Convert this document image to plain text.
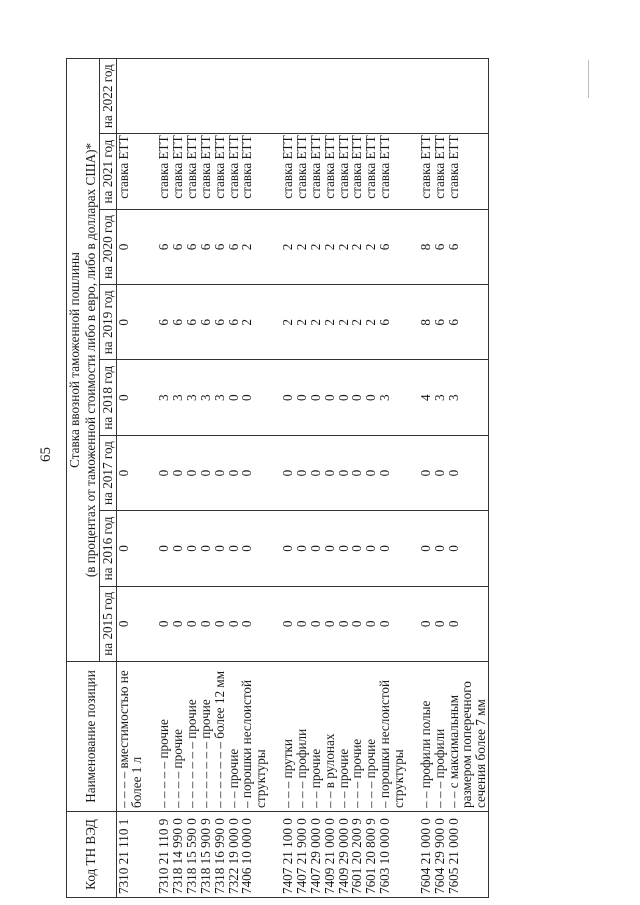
65
Код ТН ВЭД	Наименование позиции	Ставка ввозной таможенной пошлины							
		(в процентах от таможенной стоимости либо в евро, либо в долларах США)*							
		на 2015 год	на 2016 год	на 2017 год	на 2018 год	на 2019 год	на 2020 год	на 2021 год	на 2022 год
7310 21 110 1	– – – – вместимостью не	0	0	0	0	0	0	ставка ЕТТ	
	более 1 л								

7310 21 110 9	– – – – – прочие	0	0	0	3	6	6	ставка ЕТТ	
7318 14 990 0	– – – – прочие	0	0	0	3	6	6	ставка ЕТТ	
7318 15 590 0	– – – – – – – прочие	0	0	0	3	6	6	ставка ЕТТ	
7318 15 900 9	– – – – – – – прочие	0	0	0	3	6	6	ставка ЕТТ	
7318 16 990 0	– – – – – – – более 12 мм	0	0	0	3	6	6	ставка ЕТТ	
7322 19 000 0	– – прочие	0	0	0	0	6	6	ставка ЕТТ	
7406 10 000 0	– порошки неслоистой	0	0	0	0	2	2	ставка ЕТТ	
	структуры								

7407 21 100 0	– – – прутки	0	0	0	0	2	2	ставка ЕТТ	
7407 21 900 0	– – – профили	0	0	0	0	2	2	ставка ЕТТ	
7407 29 000 0	– – прочие	0	0	0	0	2	2	ставка ЕТТ	
7409 21 000 0	– – в рулонах	0	0	0	0	2	2	ставка ЕТТ	
7409 29 000 0	– – прочие	0	0	0	0	2	2	ставка ЕТТ	
7601 20 200 9	– – – прочие	0	0	0	0	2	2	ставка ЕТТ	
7601 20 800 9	– – – прочие	0	0	0	0	2	2	ставка ЕТТ	
7603 10 000 0	– порошки неслоистой	0	0	0	3	6	6	ставка ЕТТ	
	структуры								

7604 21 000 0	– – профили полые	0	0	0	4	8	8	ставка ЕТТ	
7604 29 900 0	– – – профили	0	0	0	3	6	6	ставка ЕТТ	
7605 21 000 0	– – с максимальным	0	0	0	3	6	6	ставка ЕТТ	
	размером поперечного								
	сечения более 7 мм								
